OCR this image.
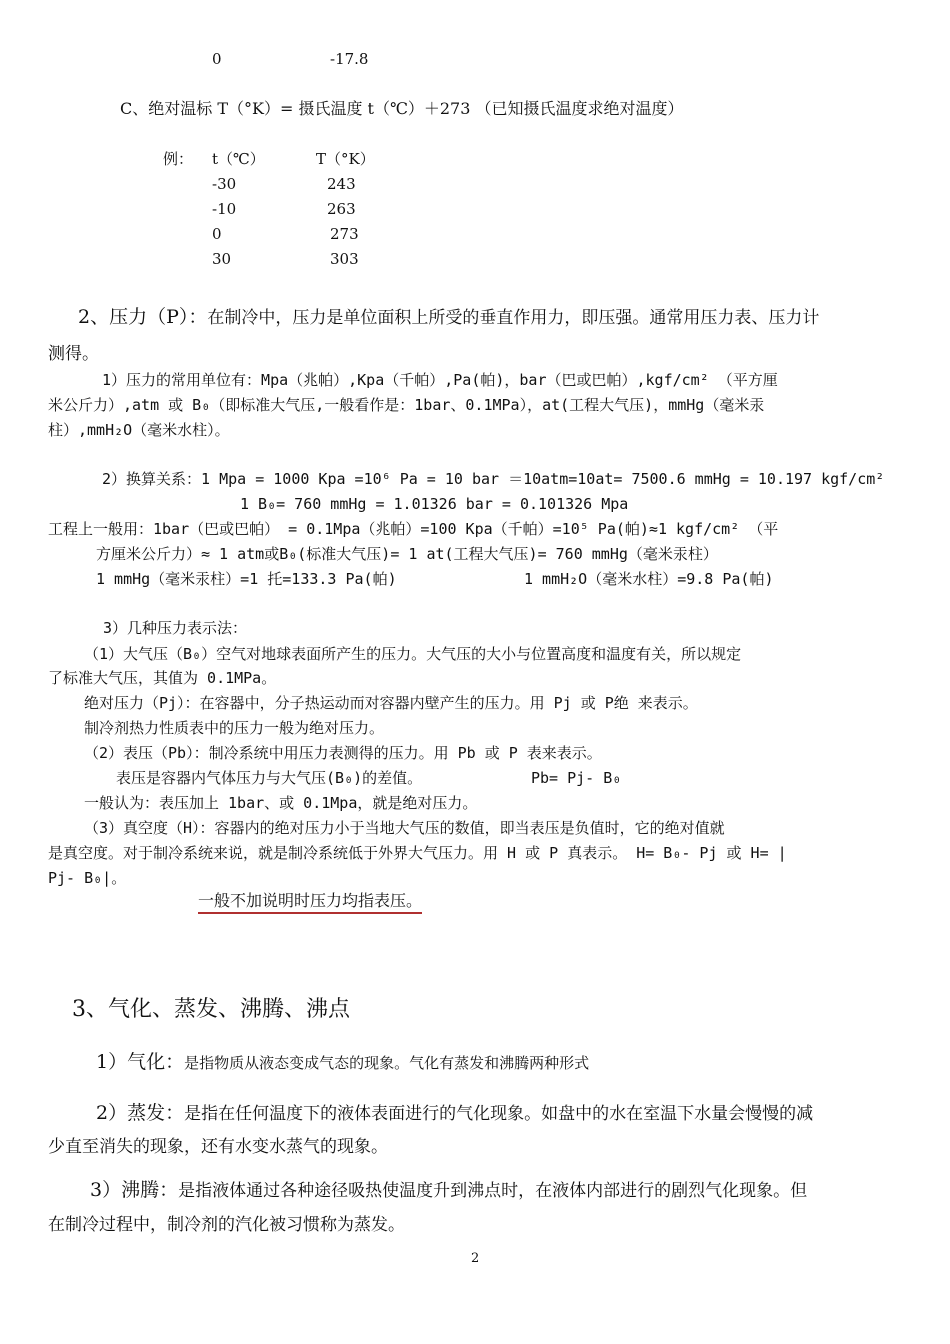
0	-17.8
C、绝对温标 T（°K）= 摄氏温度 t（℃）＋273 （已知摄氏温度求绝对温度）
例： t（℃）	T（°K）
-30	243
-10	263
0	273
30	303
2、压力（P）：在制冷中，压力是单位面积上所受的垂直作用力，即压强。通常用压力表、压力计
测得。
1）压力的常用单位有：Mpa（兆帕）,Kpa（千帕）,Pa(帕)，bar（巴或巴帕）,kgf/cm² （平方厘
米公斤力）,atm 或 B₀（即标准大气压,一般看作是：1bar、0.1MPa），at(工程大气压)，mmHg（毫米汞
柱）,mmH₂O（毫米水柱）。
2）换算关系：1 Mpa = 1000 Kpa =10⁶ Pa = 10 bar ＝10atm=10at= 7500.6 mmHg = 10.197 kgf/cm²
1 B₀= 760 mmHg = 1.01326 bar = 0.101326 Mpa
工程上一般用：1bar（巴或巴帕） = 0.1Mpa（兆帕）=100 Kpa（千帕）=10⁵ Pa(帕)≈1 kgf/cm² （平
方厘米公斤力）≈ 1 atm或B₀(标准大气压)= 1 at(工程大气压)= 760 mmHg（毫米汞柱）
1 mmHg（毫米汞柱）=1 托=133.3 Pa(帕)	1 mmH₂O（毫米水柱）=9.8 Pa(帕)
3）几种压力表示法：
（1）大气压（B₀）空气对地球表面所产生的压力。大气压的大小与位置高度和温度有关，所以规定
了标准大气压，其值为 0.1MPa。
绝对压力（Pj）：在容器中，分子热运动而对容器内壁产生的压力。用 Pj 或 P绝 来表示。
制冷剂热力性质表中的压力一般为绝对压力。
（2）表压（Pb）：制冷系统中用压力表测得的压力。用 Pb 或 P 表来表示。
表压是容器内气体压力与大气压(B₀)的差值。	Pb= Pj- B₀
一般认为：表压加上 1bar、或 0.1Mpa，就是绝对压力。
（3）真空度（H）：容器内的绝对压力小于当地大气压的数值，即当表压是负值时，它的绝对值就
是真空度。对于制冷系统来说，就是制冷系统低于外界大气压力。用 H 或 P 真表示。 H= B₀- Pj 或 H= |
Pj- B₀|。
一般不加说明时压力均指表压。
3、气化、蒸发、沸腾、沸点
1）气化：是指物质从液态变成气态的现象。气化有蒸发和沸腾两种形式
2）蒸发：是指在任何温度下的液体表面进行的气化现象。如盘中的水在室温下水量会慢慢的减
少直至消失的现象，还有水变水蒸气的现象。
3）沸腾：是指液体通过各种途径吸热使温度升到沸点时，在液体内部进行的剧烈气化现象。但
在制冷过程中，制冷剂的汽化被习惯称为蒸发。
2
